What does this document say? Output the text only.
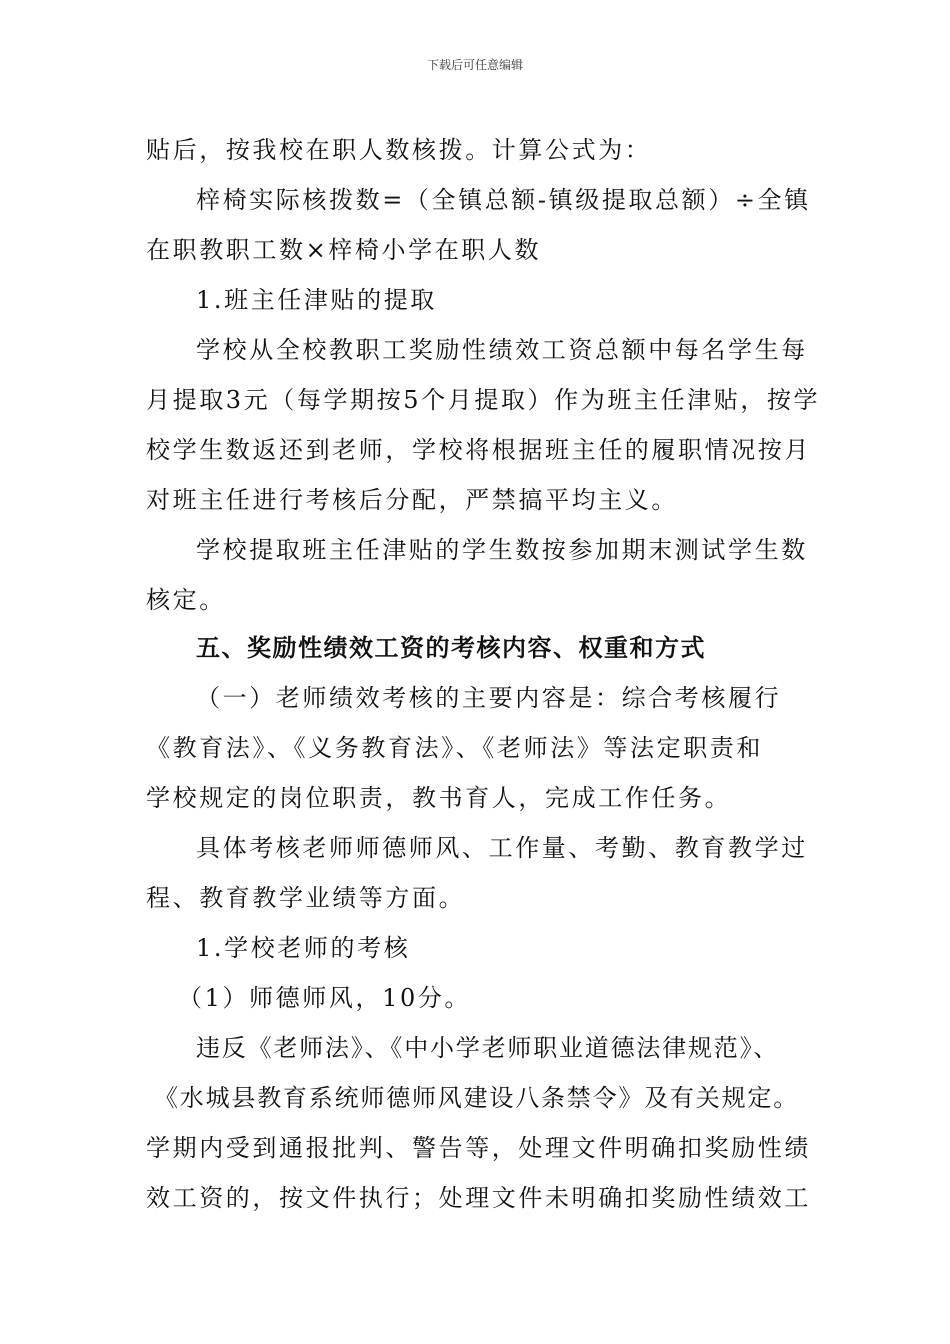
下载后可任意编辑
贴后，按我校在职人数核拨。计算公式为：
梓椅实际核拨数=（全镇总额-镇级提取总额）÷全镇
在职教职工数×梓椅小学在职人数
1.班主任津贴的提取
学校从全校教职工奖励性绩效工资总额中每名学生每
月提取3元（每学期按5个月提取）作为班主任津贴，按学
校学生数返还到老师，学校将根据班主任的履职情况按月
对班主任进行考核后分配，严禁搞平均主义。
学校提取班主任津贴的学生数按参加期末测试学生数
核定。
五、奖励性绩效工资的考核内容、权重和方式
（一）老师绩效考核的主要内容是：综合考核履行
《教育法》、《义务教育法》、《老师法》等法定职责和
学校规定的岗位职责，教书育人，完成工作任务。
具体考核老师师德师风、工作量、考勤、教育教学过
程、教育教学业绩等方面。
1.学校老师的考核
（1）师德师风，10分。
违反《老师法》、《中小学老师职业道德法律规范》、
《水城县教育系统师德师风建设八条禁令》及有关规定。
学期内受到通报批判、警告等，处理文件明确扣奖励性绩
效工资的，按文件执行；处理文件未明确扣奖励性绩效工
